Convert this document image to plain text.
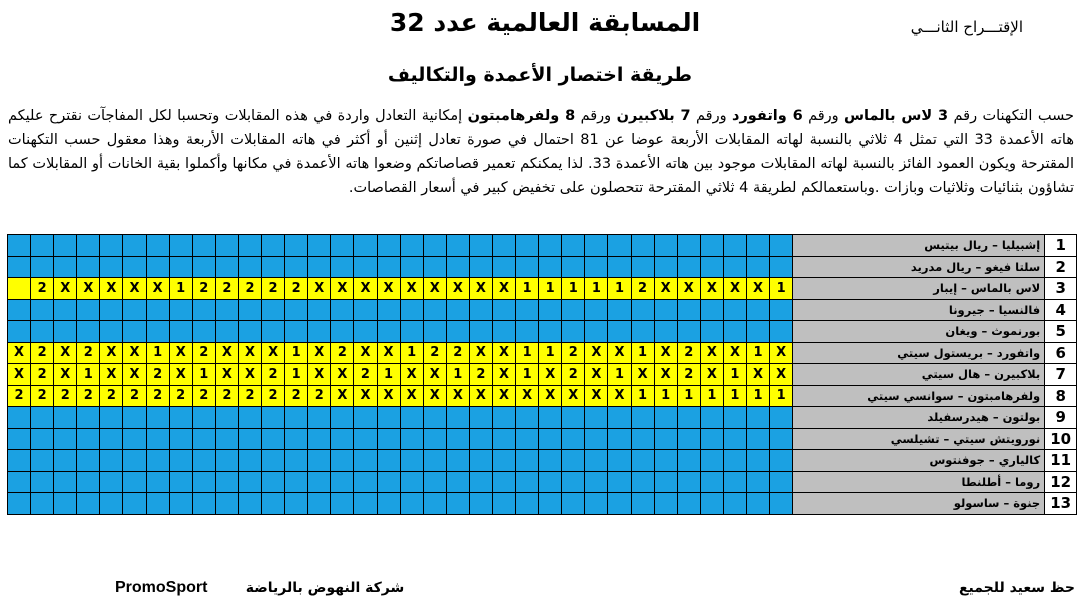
الإقتـــراح الثانـــي
المسابقة العالمية عدد 32
طريقة اختصار الأعمدة والتكاليف
حسب التكهنات رقم 3 لاس بالماس ورقم 6 واتفورد ورقم 7 بلاكبيرن ورقم 8 ولفرهامبتون إمكانية التعادل واردة في هذه المقابلات وتحسبا لكل المفاجآت نقترح عليكم هاته الأعمدة 33 التي تمثل 4 ثلاثي بالنسبة لهاته المقابلات الأربعة عوضا عن 81 احتمال في صورة تعادل إثنين أو أكثر في هاته المقابلات الأربعة وهذا معقول حسب التكهنات المقترحة ويكون العمود الفائز بالنسبة لهاته المقابلات موجود بين هاته الأعمدة 33. لذا يمكنكم تعمير قصاصاتكم وضعوا هاته الأعمدة في مكانها وأكملوا بقية الخانات أو المقابلات كما تشاؤون بثنائيات وثلاثيات وبازات .وباستعمالكم لطريقة 4 ثلاثي المقترحة تتحصلون على تخفيض كبير في أسعار القصاصات.
1	إشبيليا – ريال بيتيس																																		
2	سلتا فيغو – ريال مدريد																																		
3	لاس بالماس – إيبار	1	X	X	X	X	X	2	1	1	1	1	1	X	X	X	X	X	X	X	X	X	2	2	2	2	2	1	X	X	X	X	X	2	
4	فالنسيا – جيرونا																																		
5	بورنموث – ويغان																																		
6	واتفورد – بريستول سيتي	X	1	X	X	2	X	1	X	X	2	1	1	X	X	2	2	1	X	X	2	X	1	X	X	X	2	X	1	X	X	2	X	2	X
7	بلاكبيرن – هال سيتي	X	X	1	X	2	X	X	1	X	2	X	1	X	2	1	X	X	1	2	X	X	1	2	X	X	1	X	2	X	X	1	X	2	X
8	ولفرهامبتون – سوانسي سيتي	1	1	1	1	1	1	1	X	X	X	X	X	X	X	X	X	X	X	X	X	2	2	2	2	2	2	2	2	2	2	2	2	2	2
9	بولتون – هيدرسفيلد																																		
10	نورويتش سيتي – تشيلسي																																		
11	كالياري – جوفنتوس																																		
12	روما – أطلنطا																																		
13	جنوة – ساسولو																																		
حظ سعيد للجميع
شركة النهوض بالرياضة
PromoSport
